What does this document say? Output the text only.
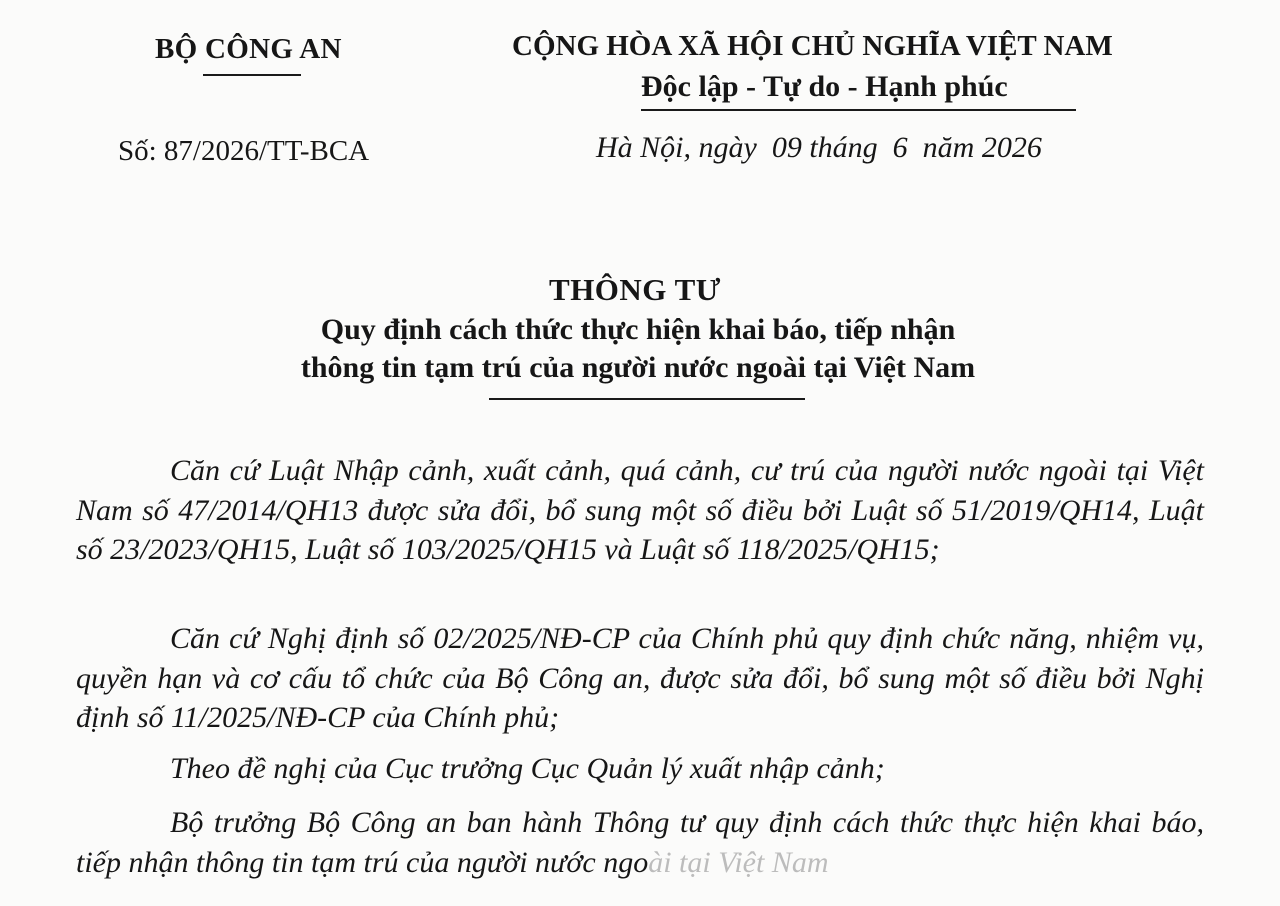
BỘ CÔNG AN
Số: 87/2026/TT-BCA
CỘNG HÒA XÃ HỘI CHỦ NGHĨA VIỆT NAM
Độc lập - Tự do - Hạnh phúc
Hà Nội, ngày  09 tháng  6  năm 2026
THÔNG TƯ
Quy định cách thức thực hiện khai báo, tiếp nhận
thông tin tạm trú của người nước ngoài tại Việt Nam

Căn cứ Luật Nhập cảnh, xuất cảnh, quá cảnh, cư trú của người nước ngoài tại Việt Nam số 47/2014/QH13 được sửa đổi, bổ sung một số điều bởi Luật số 51/2019/QH14, Luật số 23/2023/QH15, Luật số 103/2025/QH15 và Luật số 118/2025/QH15;

Căn cứ Nghị định số 02/2025/NĐ-CP của Chính phủ quy định chức năng, nhiệm vụ, quyền hạn và cơ cấu tổ chức của Bộ Công an, được sửa đổi, bổ sung một số điều bởi Nghị định số 11/2025/NĐ-CP của Chính phủ;

Theo đề nghị của Cục trưởng Cục Quản lý xuất nhập cảnh;

Bộ trưởng Bộ Công an ban hành Thông tư quy định cách thức thực hiện khai báo, tiếp nhận thông tin tạm trú của người nước ngoài tại Việt Nam
